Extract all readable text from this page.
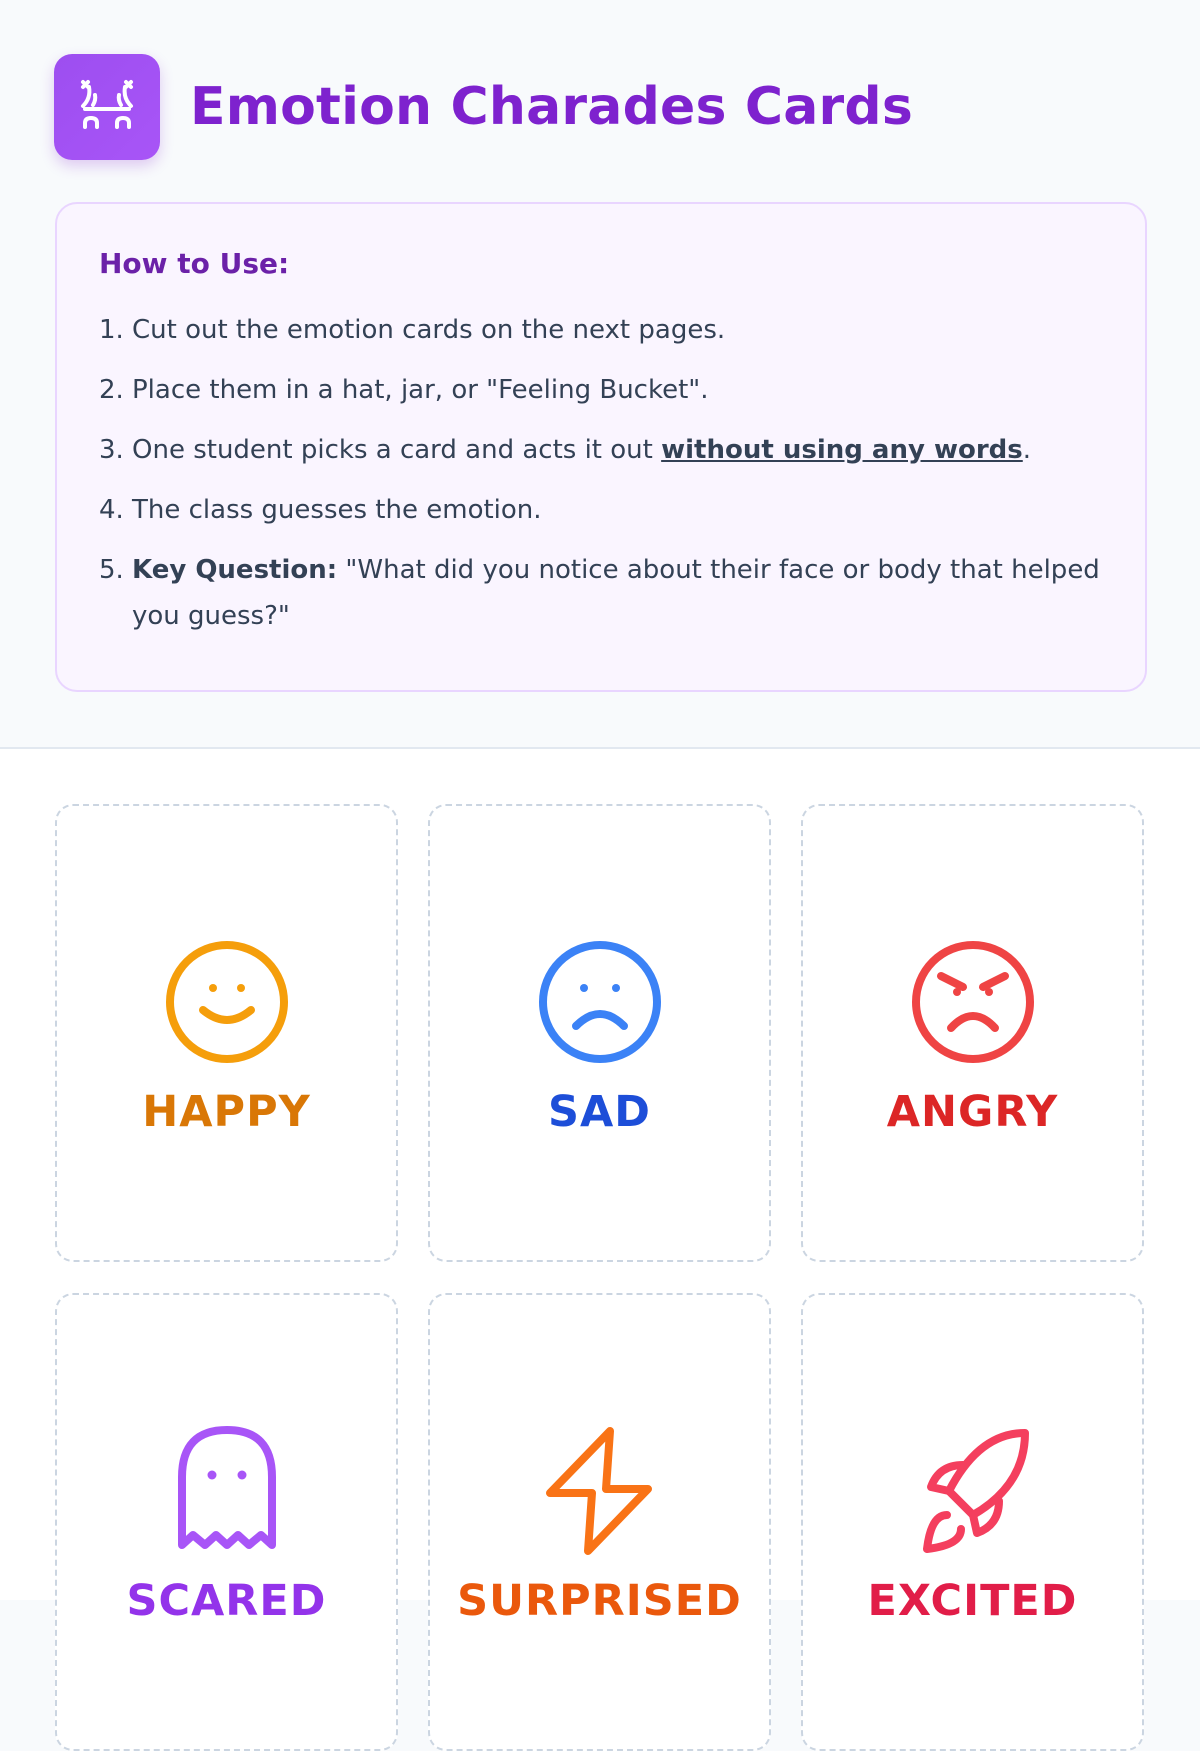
Emotion Charades Cards
How to Use:
1. Cut out the emotion cards on the next pages.
2. Place them in a hat, jar, or "Feeling Bucket".
3. One student picks a card and acts it out without using any words.
4. The class guesses the emotion.
5. Key Question: "What did you notice about their face or body that helped you guess?"
HAPPY	SAD	ANGRY
SCARED	SURPRISED	EXCITED
